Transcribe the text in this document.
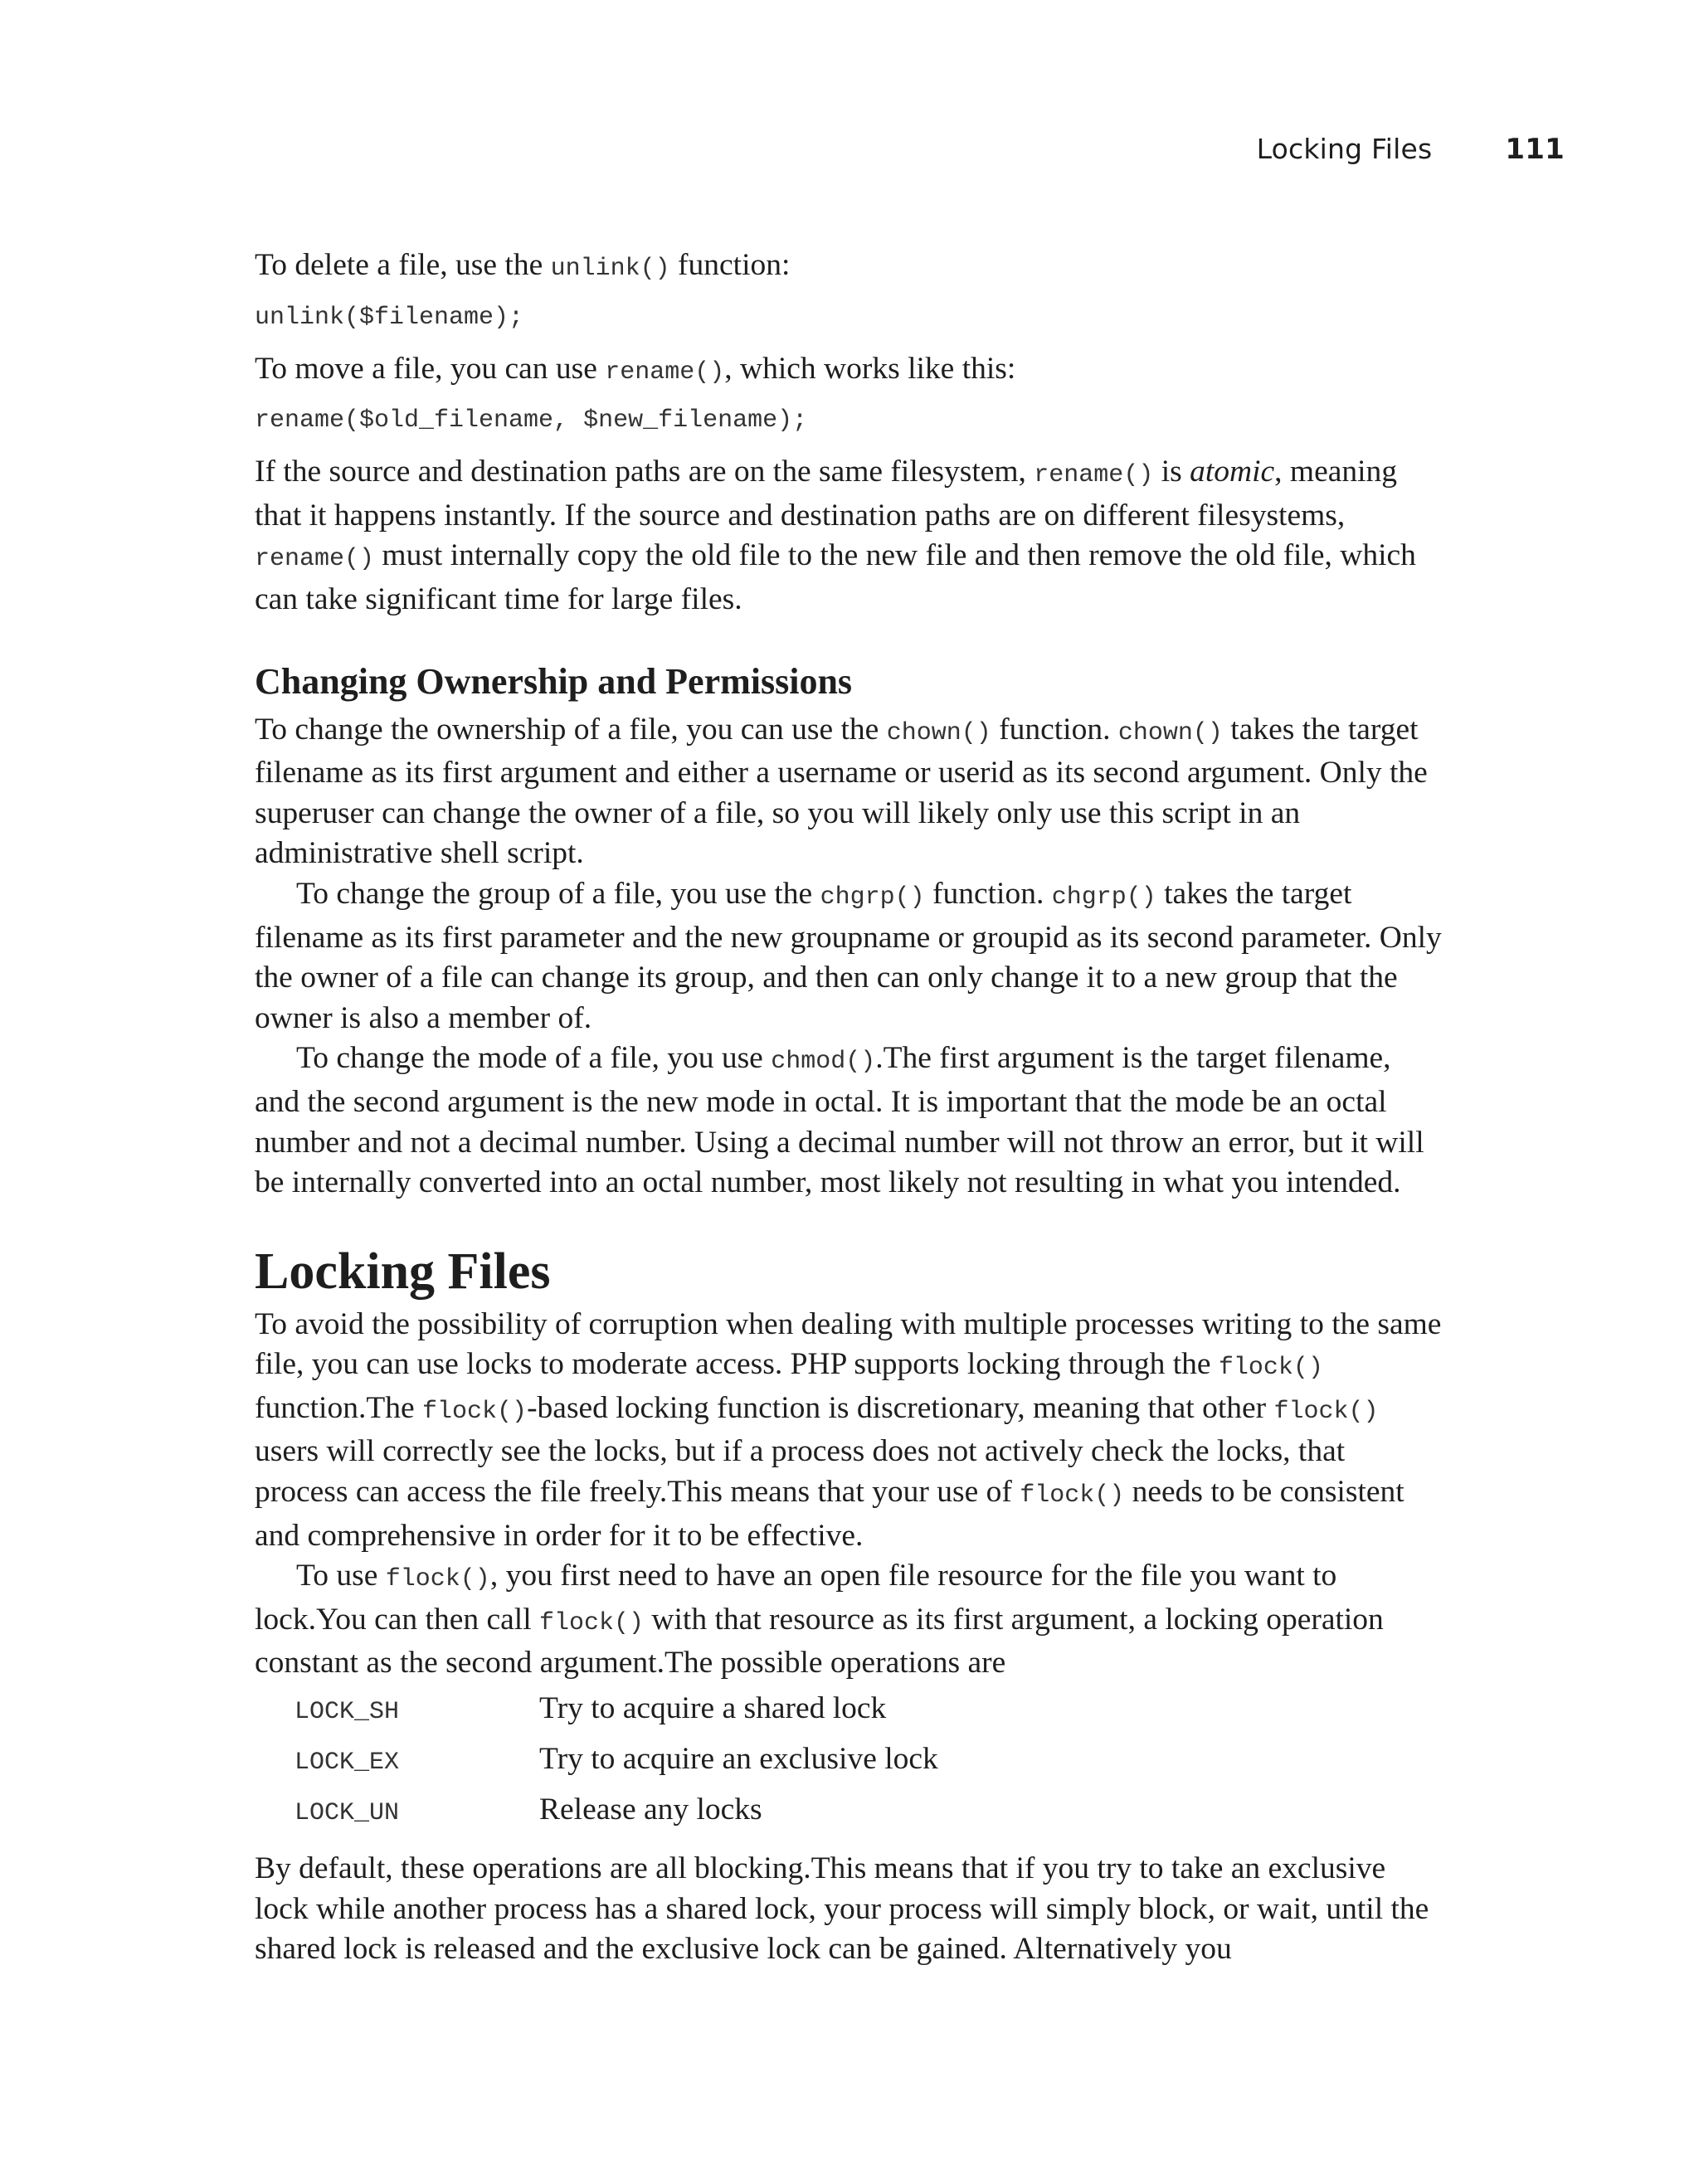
Locking Files	111

To delete a file, use the unlink() function:

unlink($filename);

To move a file, you can use rename(), which works like this:

rename($old_filename, $new_filename);

If the source and destination paths are on the same filesystem, rename() is atomic, meaning that it happens instantly. If the source and destination paths are on different filesystems, rename() must internally copy the old file to the new file and then remove the old file, which can take significant time for large files.

Changing Ownership and Permissions

To change the ownership of a file, you can use the chown() function. chown() takes the target filename as its first argument and either a username or userid as its second argument. Only the superuser can change the owner of a file, so you will likely only use this script in an administrative shell script.

To change the group of a file, you use the chgrp() function. chgrp() takes the target filename as its first parameter and the new groupname or groupid as its second parameter. Only the owner of a file can change its group, and then can only change it to a new group that the owner is also a member of.

To change the mode of a file, you use chmod().The first argument is the target filename, and the second argument is the new mode in octal. It is important that the mode be an octal number and not a decimal number. Using a decimal number will not throw an error, but it will be internally converted into an octal number, most likely not resulting in what you intended.

Locking Files

To avoid the possibility of corruption when dealing with multiple processes writing to the same file, you can use locks to moderate access. PHP supports locking through the flock() function.The flock()-based locking function is discretionary, meaning that other flock() users will correctly see the locks, but if a process does not actively check the locks, that process can access the file freely.This means that your use of flock() needs to be consistent and comprehensive in order for it to be effective.

To use flock(), you first need to have an open file resource for the file you want to lock.You can then call flock() with that resource as its first argument, a locking operation constant as the second argument.The possible operations are

LOCK_SH	Try to acquire a shared lock
LOCK_EX	Try to acquire an exclusive lock
LOCK_UN	Release any locks

By default, these operations are all blocking.This means that if you try to take an exclusive lock while another process has a shared lock, your process will simply block, or wait, until the shared lock is released and the exclusive lock can be gained. Alternatively you
